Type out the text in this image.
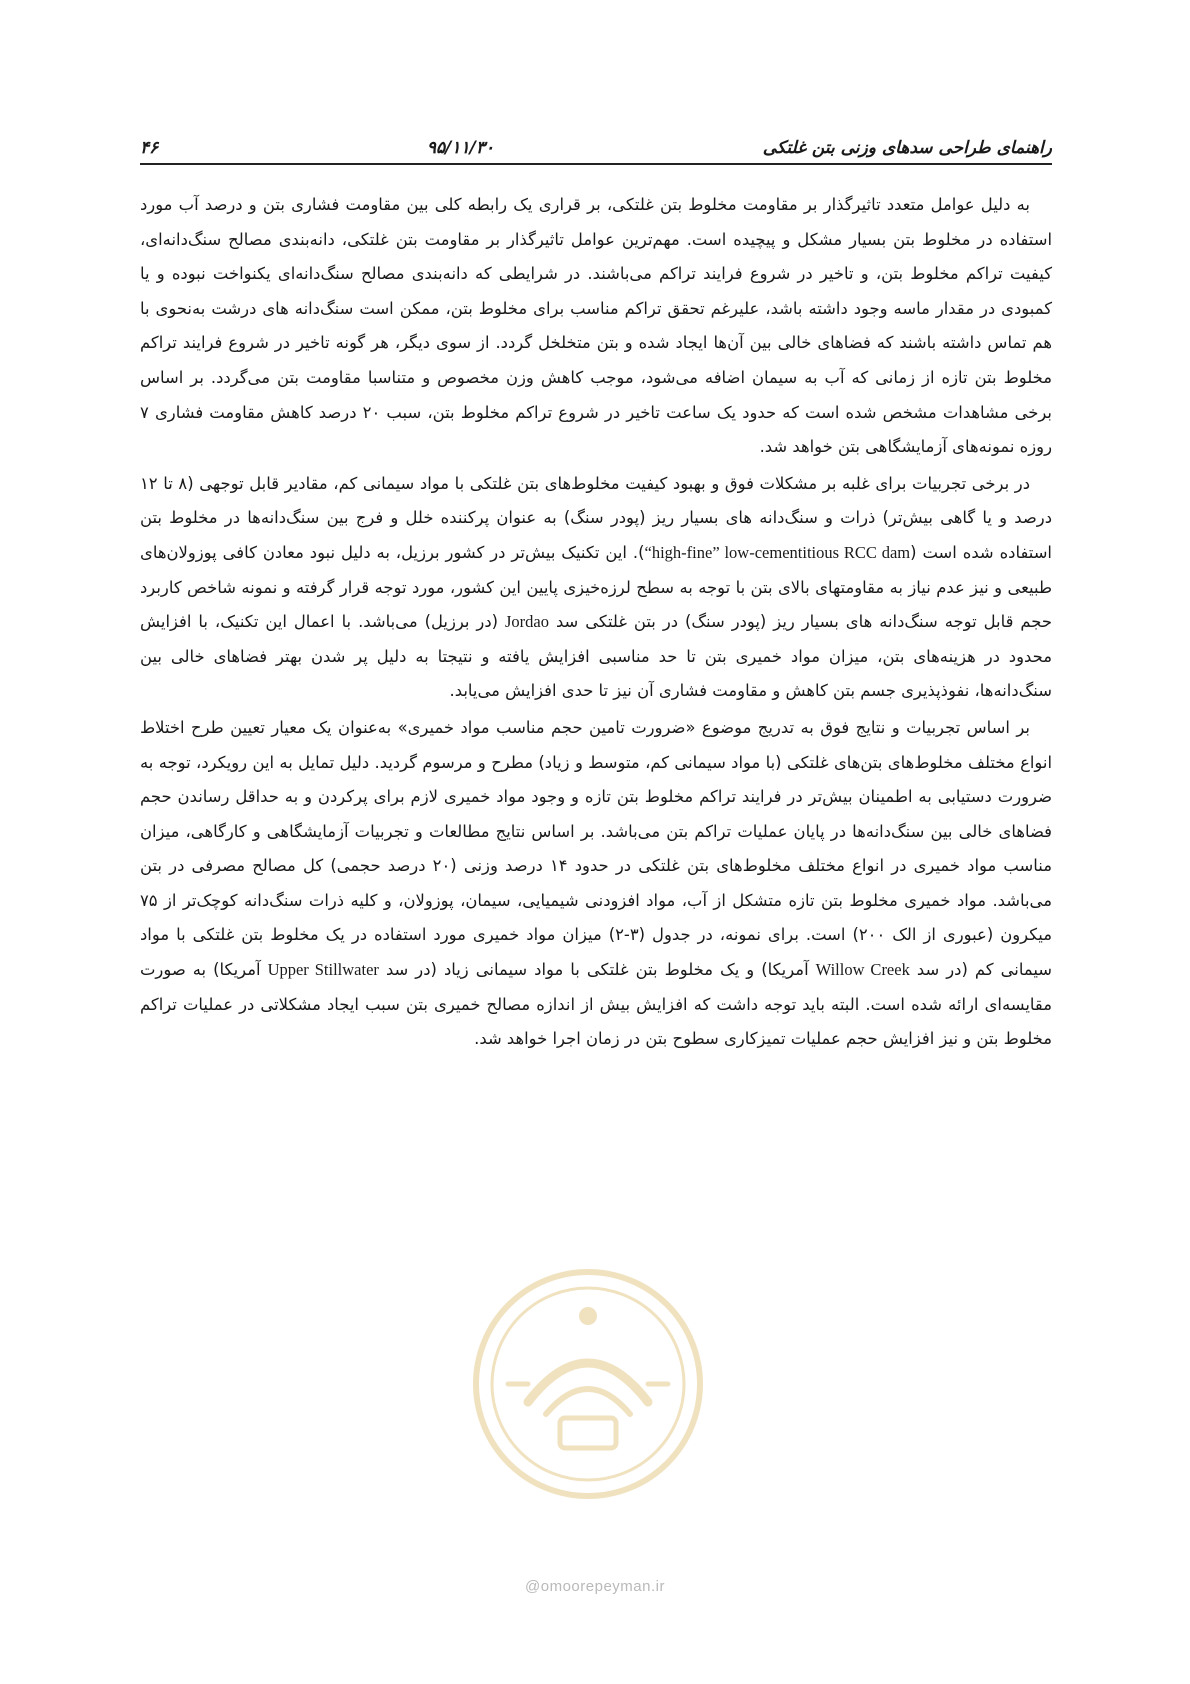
۴۶	۹۵/۱۱/۳۰	راهنمای طراحی سدهای وزنی بتن غلتکی

به دلیل عوامل متعدد تاثیرگذار بر مقاومت مخلوط بتن غلتکی، بر قراری یک رابطه کلی بین مقاومت فشاری بتن و درصد آب مورد استفاده در مخلوط بتن بسیار مشکل و پیچیده است. مهم‌ترین عوامل تاثیرگذار بر مقاومت بتن غلتکی، دانه‌بندی مصالح سنگ‌دانه‌ای، کیفیت تراکم مخلوط بتن، و تاخیر در شروع فرایند تراکم می‌باشند. در شرایطی که دانه‌بندی مصالح سنگ‌دانه‌ای یکنواخت نبوده و یا کمبودی در مقدار ماسه وجود داشته باشد، علیرغم تحقق تراکم مناسب برای مخلوط بتن، ممکن است سنگ‌دانه های درشت به‌نحوی با هم تماس داشته باشند که فضاهای خالی بین آن‌ها ایجاد شده و بتن متخلخل گردد. از سوی دیگر، هر گونه تاخیر در شروع فرایند تراکم مخلوط بتن تازه از زمانی که آب به سیمان اضافه می‌شود، موجب کاهش وزن مخصوص و متناسبا مقاومت بتن می‌گردد. بر اساس برخی مشاهدات مشخص شده است که حدود یک ساعت تاخیر در شروع تراکم مخلوط بتن، سبب ۲۰ درصد کاهش مقاومت فشاری ۷ روزه نمونه‌های آزمایشگاهی بتن خواهد شد.

در برخی تجربیات برای غلبه بر مشکلات فوق و بهبود کیفیت مخلوط‌های بتن غلتکی با مواد سیمانی کم، مقادیر قابل توجهی (۸ تا ۱۲ درصد و یا گاهی بیش‌تر) ذرات و سنگ‌دانه های بسیار ریز (پودر سنگ) به عنوان پرکننده خلل و فرج بین سنگ‌دانه‌ها در مخلوط بتن استفاده شده است (“high-fine” low-cementitious RCC dam). این تکنیک بیش‌تر در کشور برزیل، به دلیل نبود معادن کافی پوزولان‌های طبیعی و نیز عدم نیاز به مقاومتهای بالای بتن با توجه به سطح لرزه‌خیزی پایین این کشور، مورد توجه قرار گرفته و نمونه شاخص کاربرد حجم قابل توجه سنگ‌دانه های بسیار ریز (پودر سنگ) در بتن غلتکی سد Jordao (در برزیل) می‌باشد. با اعمال این تکنیک، با افزایش محدود در هزینه‌های بتن، میزان مواد خمیری بتن تا حد مناسبی افزایش یافته و نتیجتا به دلیل پر شدن بهتر فضاهای خالی بین سنگ‌دانه‌ها، نفوذپذیری جسم بتن کاهش و مقاومت فشاری آن نیز تا حدی افزایش می‌یابد.

بر اساس تجربیات و نتایج فوق به تدریج موضوع «ضرورت تامین حجم مناسب مواد خمیری» به‌عنوان یک معیار تعیین طرح اختلاط انواع مختلف مخلوط‌های بتن‌های غلتکی (با مواد سیمانی کم، متوسط و زیاد) مطرح و مرسوم گردید. دلیل تمایل به این رویکرد، توجه به ضرورت دستیابی به اطمینان بیش‌تر در فرایند تراکم مخلوط بتن تازه و وجود مواد خمیری لازم برای پرکردن و به حداقل رساندن حجم فضاهای خالی بین سنگ‌دانه‌ها در پایان عملیات تراکم بتن می‌باشد. بر اساس نتایج مطالعات و تجربیات آزمایشگاهی و کارگاهی، میزان مناسب مواد خمیری در انواع مختلف مخلوط‌های بتن غلتکی در حدود ۱۴ درصد وزنی (۲۰ درصد حجمی) کل مصالح مصرفی در بتن می‌باشد. مواد خمیری مخلوط بتن تازه متشکل از آب، مواد افزودنی شیمیایی، سیمان، پوزولان، و کلیه ذرات سنگ‌دانه کوچک‌تر از ۷۵ میکرون (عبوری از الک ۲۰۰) است. برای نمونه، در جدول (۳-۲) میزان مواد خمیری مورد استفاده در یک مخلوط بتن غلتکی با مواد سیمانی کم (در سد Willow Creek آمریکا) و یک مخلوط بتن غلتکی با مواد سیمانی زیاد (در سد Upper Stillwater آمریکا) به صورت مقایسه‌ای ارائه شده است. البته باید توجه داشت که افزایش بیش از اندازه مصالح خمیری بتن سبب ایجاد مشکلاتی در عملیات تراکم مخلوط بتن و نیز افزایش حجم عملیات تمیزکاری سطوح بتن در زمان اجرا خواهد شد.

@omoorepeyman.ir
